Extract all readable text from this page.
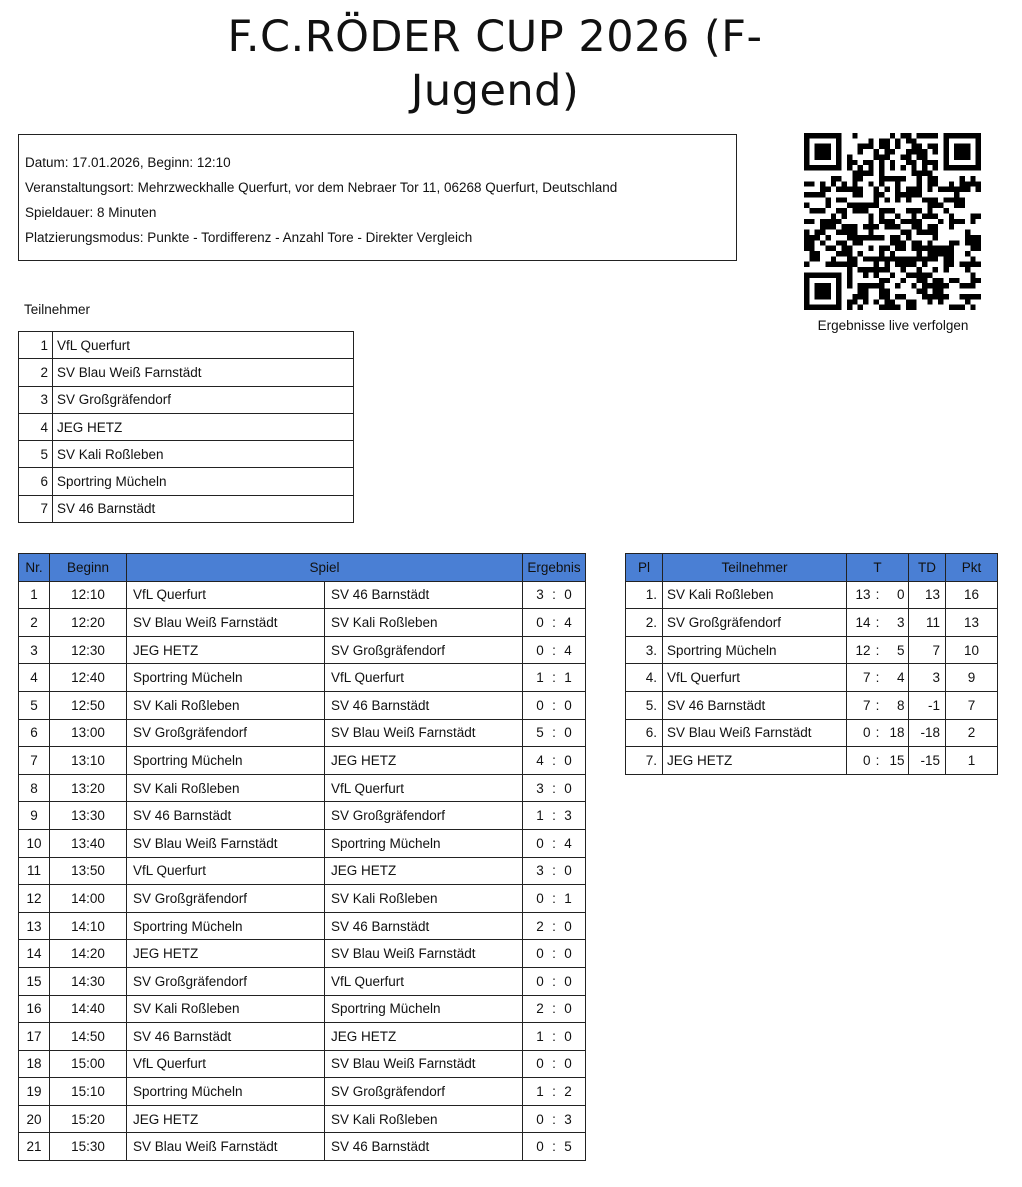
F.C.RÖDER CUP 2026 (F-
Jugend)
Datum: 17.01.2026, Beginn: 12:10
Veranstaltungsort: Mehrzweckhalle Querfurt, vor dem Nebraer Tor 11, 06268 Querfurt, Deutschland
Spieldauer: 8 Minuten
Platzierungsmodus: Punkte - Tordifferenz - Anzahl Tore - Direkter Vergleich
Ergebnisse live verfolgen
Teilnehmer
1	VfL Querfurt
2	SV Blau Weiß Farnstädt
3	SV Großgräfendorf
4	JEG HETZ
5	SV Kali Roßleben
6	Sportring Mücheln
7	SV 46 Barnstädt
Nr.	Beginn	Spiel		Ergebnis
1	12:10	VfL Querfurt	SV 46 Barnstädt	3 : 0
2	12:20	SV Blau Weiß Farnstädt	SV Kali Roßleben	0 : 4
3	12:30	JEG HETZ	SV Großgräfendorf	0 : 4
4	12:40	Sportring Mücheln	VfL Querfurt	1 : 1
5	12:50	SV Kali Roßleben	SV 46 Barnstädt	0 : 0
6	13:00	SV Großgräfendorf	SV Blau Weiß Farnstädt	5 : 0
7	13:10	Sportring Mücheln	JEG HETZ	4 : 0
8	13:20	SV Kali Roßleben	VfL Querfurt	3 : 0
9	13:30	SV 46 Barnstädt	SV Großgräfendorf	1 : 3
10	13:40	SV Blau Weiß Farnstädt	Sportring Mücheln	0 : 4
11	13:50	VfL Querfurt	JEG HETZ	3 : 0
12	14:00	SV Großgräfendorf	SV Kali Roßleben	0 : 1
13	14:10	Sportring Mücheln	SV 46 Barnstädt	2 : 0
14	14:20	JEG HETZ	SV Blau Weiß Farnstädt	0 : 0
15	14:30	SV Großgräfendorf	VfL Querfurt	0 : 0
16	14:40	SV Kali Roßleben	Sportring Mücheln	2 : 0
17	14:50	SV 46 Barnstädt	JEG HETZ	1 : 0
18	15:00	VfL Querfurt	SV Blau Weiß Farnstädt	0 : 0
19	15:10	Sportring Mücheln	SV Großgräfendorf	1 : 2
20	15:20	JEG HETZ	SV Kali Roßleben	0 : 3
21	15:30	SV Blau Weiß Farnstädt	SV 46 Barnstädt	0 : 5
Pl	Teilnehmer	T	TD	Pkt
1.	SV Kali Roßleben	13 : 0	13	16
2.	SV Großgräfendorf	14 : 3	11	13
3.	Sportring Mücheln	12 : 5	7	10
4.	VfL Querfurt	7 : 4	3	9
5.	SV 46 Barnstädt	7 : 8	-1	7
6.	SV Blau Weiß Farnstädt	0 : 18	-18	2
7.	JEG HETZ	0 : 15	-15	1
